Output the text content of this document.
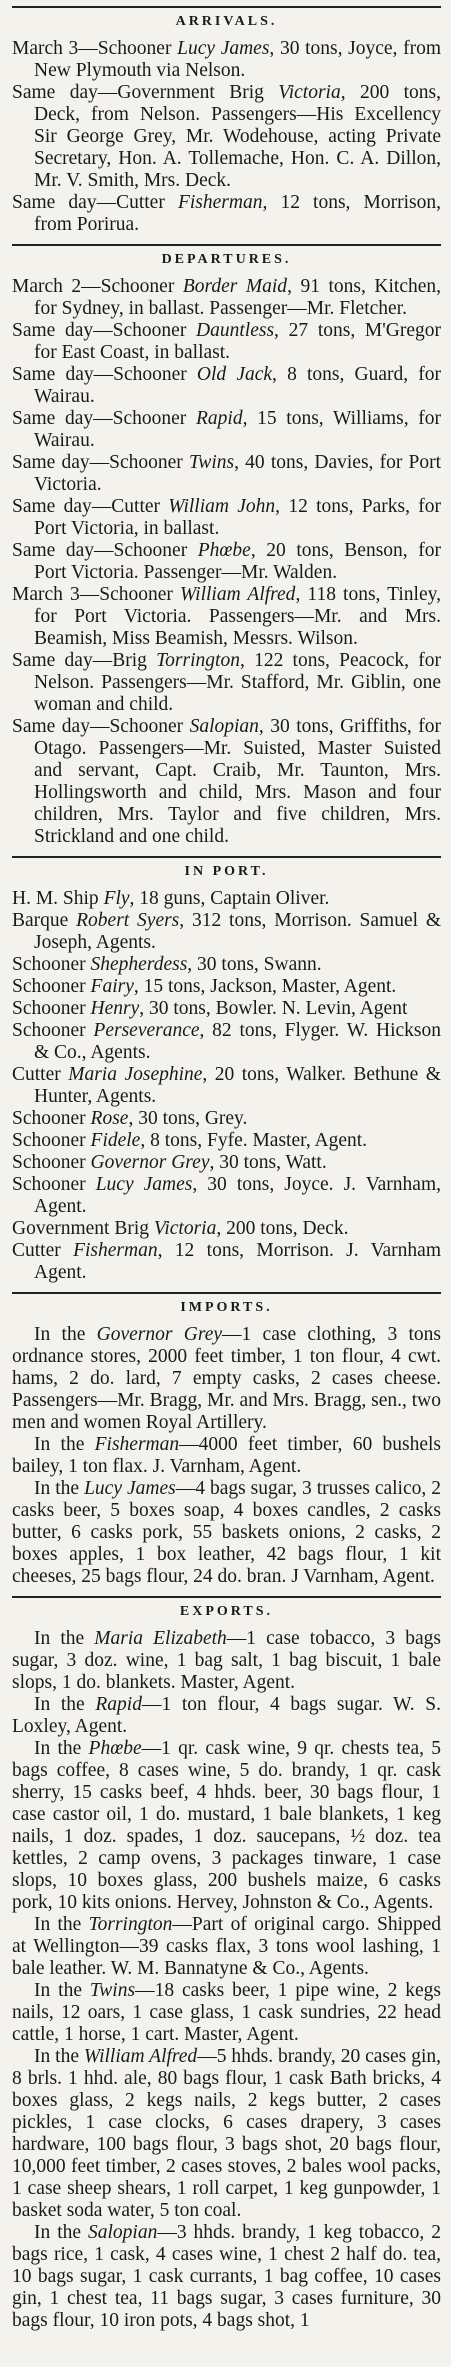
ARRIVALS.

March 3—Schooner Lucy James, 30 tons, Joyce, from New Plymouth via Nelson.

Same day—Government Brig Victoria, 200 tons, Deck, from Nelson. Passengers—His Excellency Sir George Grey, Mr. Wodehouse, acting Private Secretary, Hon. A. Tollemache, Hon. C. A. Dillon, Mr. V. Smith, Mrs. Deck.

Same day—Cutter Fisherman, 12 tons, Morrison, from Porirua.

DEPARTURES.

March 2—Schooner Border Maid, 91 tons, Kitchen, for Sydney, in ballast. Passenger—Mr. Fletcher.

Same day—Schooner Dauntless, 27 tons, M'Gregor for East Coast, in ballast.

Same day—Schooner Old Jack, 8 tons, Guard, for Wairau.

Same day—Schooner Rapid, 15 tons, Williams, for Wairau.

Same day—Schooner Twins, 40 tons, Davies, for Port Victoria.

Same day—Cutter William John, 12 tons, Parks, for Port Victoria, in ballast.

Same day—Schooner Phœbe, 20 tons, Benson, for Port Victoria. Passenger—Mr. Walden.

March 3—Schooner William Alfred, 118 tons, Tinley, for Port Victoria. Passengers—Mr. and Mrs. Beamish, Miss Beamish, Messrs. Wilson.

Same day—Brig Torrington, 122 tons, Peacock, for Nelson. Passengers—Mr. Stafford, Mr. Giblin, one woman and child.

Same day—Schooner Salopian, 30 tons, Griffiths, for Otago. Passengers—Mr. Suisted, Master Suisted and servant, Capt. Craib, Mr. Taunton, Mrs. Hollingsworth and child, Mrs. Mason and four children, Mrs. Taylor and five children, Mrs. Strickland and one child.

IN PORT.

H. M. Ship Fly, 18 guns, Captain Oliver.

Barque Robert Syers, 312 tons, Morrison. Samuel & Joseph, Agents.

Schooner Shepherdess, 30 tons, Swann.

Schooner Fairy, 15 tons, Jackson, Master, Agent.

Schooner Henry, 30 tons, Bowler. N. Levin, Agent

Schooner Perseverance, 82 tons, Flyger. W. Hickson & Co., Agents.

Cutter Maria Josephine, 20 tons, Walker. Bethune & Hunter, Agents.

Schooner Rose, 30 tons, Grey.

Schooner Fidele, 8 tons, Fyfe. Master, Agent.

Schooner Governor Grey, 30 tons, Watt.

Schooner Lucy James, 30 tons, Joyce. J. Varnham, Agent.

Government Brig Victoria, 200 tons, Deck.

Cutter Fisherman, 12 tons, Morrison. J. Varnham Agent.

IMPORTS.

In the Governor Grey—1 case clothing, 3 tons ordnance stores, 2000 feet timber, 1 ton flour, 4 cwt. hams, 2 do. lard, 7 empty casks, 2 cases cheese. Passengers—Mr. Bragg, Mr. and Mrs. Bragg, sen., two men and women Royal Artillery.

In the Fisherman—4000 feet timber, 60 bushels bailey, 1 ton flax. J. Varnham, Agent.

In the Lucy James—4 bags sugar, 3 trusses calico, 2 casks beer, 5 boxes soap, 4 boxes candles, 2 casks butter, 6 casks pork, 55 baskets onions, 2 casks, 2 boxes apples, 1 box leather, 42 bags flour, 1 kit cheeses, 25 bags flour, 24 do. bran. J Varnham, Agent.

EXPORTS.

In the Maria Elizabeth—1 case tobacco, 3 bags sugar, 3 doz. wine, 1 bag salt, 1 bag biscuit, 1 bale slops, 1 do. blankets. Master, Agent.

In the Rapid—1 ton flour, 4 bags sugar. W. S. Loxley, Agent.

In the Phœbe—1 qr. cask wine, 9 qr. chests tea, 5 bags coffee, 8 cases wine, 5 do. brandy, 1 qr. cask sherry, 15 casks beef, 4 hhds. beer, 30 bags flour, 1 case castor oil, 1 do. mustard, 1 bale blankets, 1 keg nails, 1 doz. spades, 1 doz. saucepans, ½ doz. tea kettles, 2 camp ovens, 3 packages tinware, 1 case slops, 10 boxes glass, 200 bushels maize, 6 casks pork, 10 kits onions. Hervey, Johnston & Co., Agents.

In the Torrington—Part of original cargo. Shipped at Wellington—39 casks flax, 3 tons wool lashing, 1 bale leather. W. M. Bannatyne & Co., Agents.

In the Twins—18 casks beer, 1 pipe wine, 2 kegs nails, 12 oars, 1 case glass, 1 cask sundries, 22 head cattle, 1 horse, 1 cart. Master, Agent.

In the William Alfred—5 hhds. brandy, 20 cases gin, 8 brls. 1 hhd. ale, 80 bags flour, 1 cask Bath bricks, 4 boxes glass, 2 kegs nails, 2 kegs butter, 2 cases pickles, 1 case clocks, 6 cases drapery, 3 cases hardware, 100 bags flour, 3 bags shot, 20 bags flour, 10,000 feet timber, 2 cases stoves, 2 bales wool packs, 1 case sheep shears, 1 roll carpet, 1 keg gunpowder, 1 basket soda water, 5 ton coal.

In the Salopian—3 hhds. brandy, 1 keg tobacco, 2 bags rice, 1 cask, 4 cases wine, 1 chest 2 half do. tea, 10 bags sugar, 1 cask currants, 1 bag coffee, 10 cases gin, 1 chest tea, 11 bags sugar, 3 cases furniture, 30 bags flour, 10 iron pots, 4 bags shot, 1
